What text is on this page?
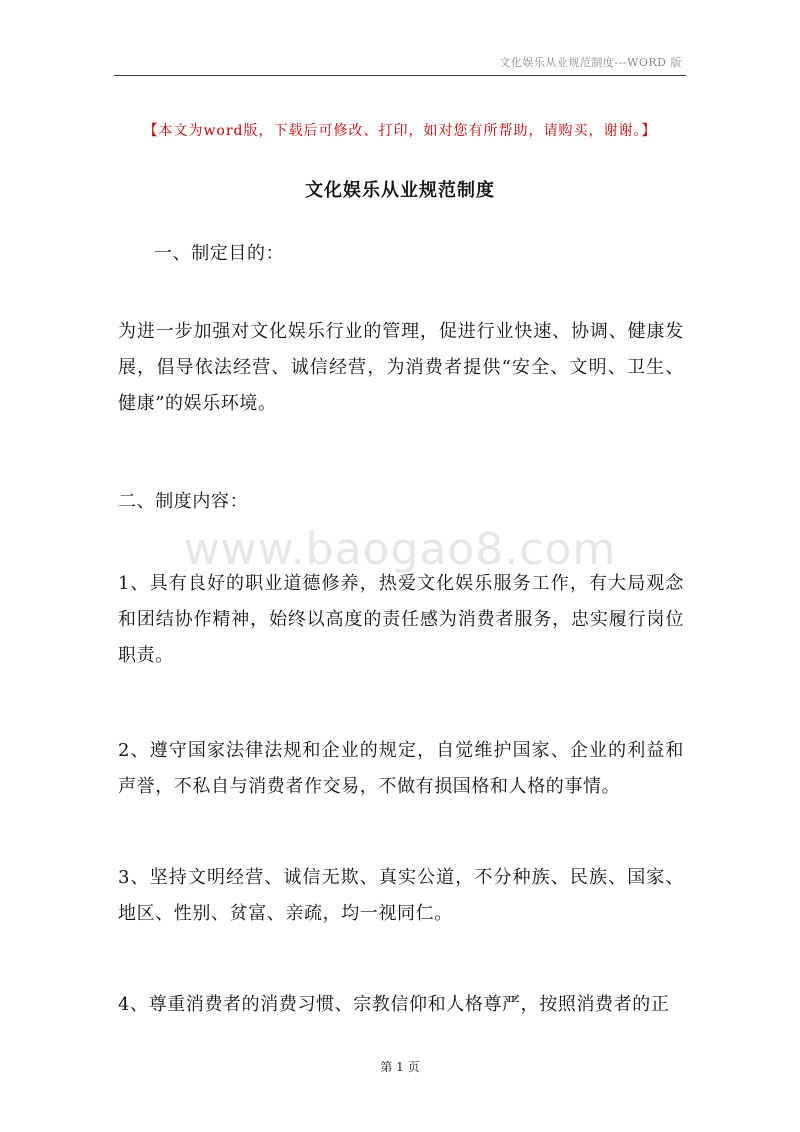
文化娱乐从业规范制度---WORD 版
【本文为word版，下载后可修改、打印，如对您有所帮助，请购买，谢谢。】
文化娱乐从业规范制度
一、制定目的：
为进一步加强对文化娱乐行业的管理，促进行业快速、协调、健康发展，倡导依法经营、诚信经营，为消费者提供“安全、文明、卫生、健康”的娱乐环境。
二、制度内容：
www.baogao8.com
1、具有良好的职业道德修养，热爱文化娱乐服务工作，有大局观念和团结协作精神，始终以高度的责任感为消费者服务，忠实履行岗位职责。
2、遵守国家法律法规和企业的规定，自觉维护国家、企业的利益和声誉，不私自与消费者作交易，不做有损国格和人格的事情。
3、坚持文明经营、诚信无欺、真实公道，不分种族、民族、国家、地区、性别、贫富、亲疏，均一视同仁。
4、尊重消费者的消费习惯、宗教信仰和人格尊严，按照消费者的正
第 1 页
